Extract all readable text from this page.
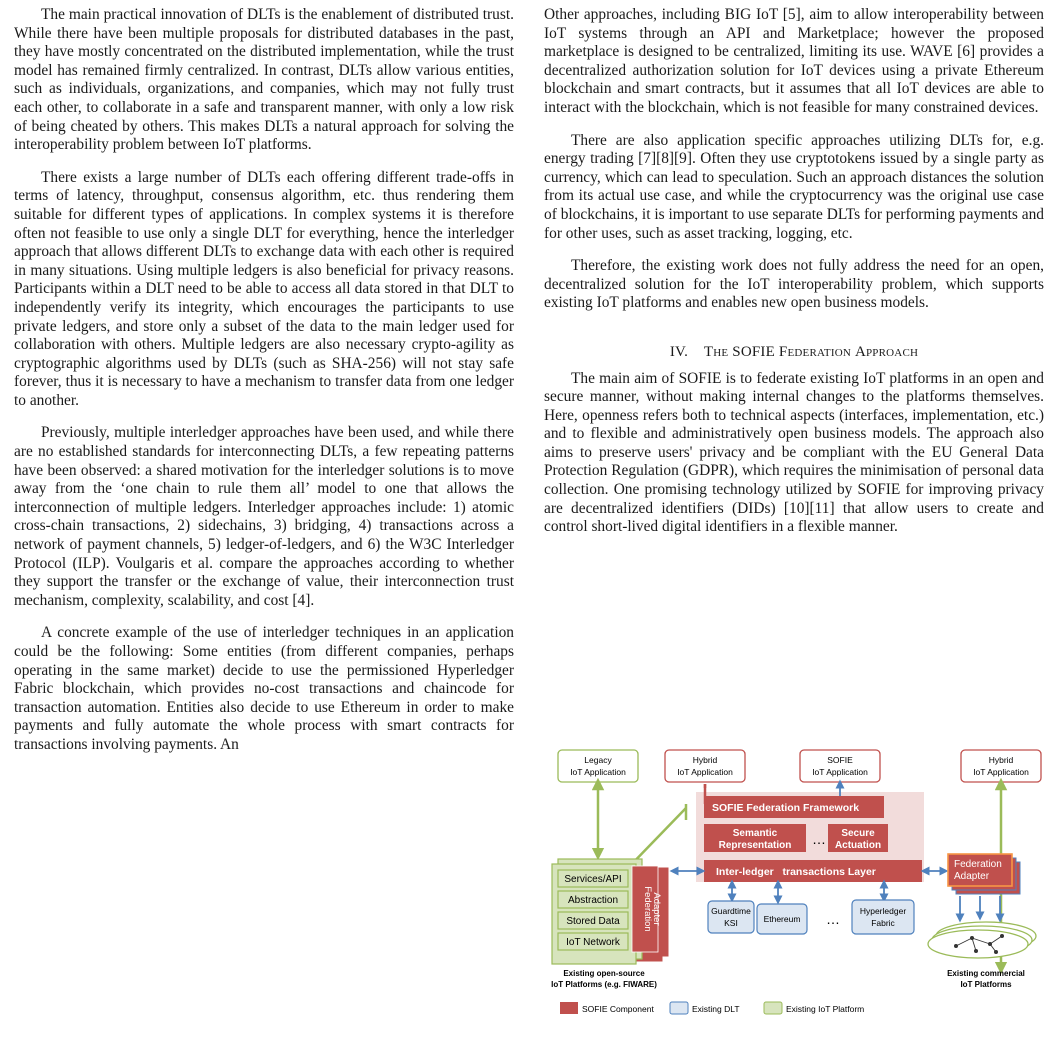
The main practical innovation of DLTs is the enablement of distributed trust. While there have been multiple proposals for distributed databases in the past, they have mostly concentrated on the distributed implementation, while the trust model has remained firmly centralized. In contrast, DLTs allow various entities, such as individuals, organizations, and companies, which may not fully trust each other, to collaborate in a safe and transparent manner, with only a low risk of being cheated by others. This makes DLTs a natural approach for solving the interoperability problem between IoT platforms.

There exists a large number of DLTs each offering different trade-offs in terms of latency, throughput, consensus algorithm, etc. thus rendering them suitable for different types of applications. In complex systems it is therefore often not feasible to use only a single DLT for everything, hence the interledger approach that allows different DLTs to exchange data with each other is required in many situations. Using multiple ledgers is also beneficial for privacy reasons. Participants within a DLT need to be able to access all data stored in that DLT to independently verify its integrity, which encourages the participants to use private ledgers, and store only a subset of the data to the main ledger used for collaboration with others. Multiple ledgers are also necessary crypto-agility as cryptographic algorithms used by DLTs (such as SHA-256) will not stay safe forever, thus it is necessary to have a mechanism to transfer data from one ledger to another.

Previously, multiple interledger approaches have been used, and while there are no established standards for interconnecting DLTs, a few repeating patterns have been observed: a shared motivation for the interledger solutions is to move away from the ‘one chain to rule them all’ model to one that allows the interconnection of multiple ledgers. Interledger approaches include: 1) atomic cross-chain transactions, 2) sidechains, 3) bridging, 4) transactions across a network of payment channels, 5) ledger-of-ledgers, and 6) the W3C Interledger Protocol (ILP). Voulgaris et al. compare the approaches according to whether they support the transfer or the exchange of value, their interconnection trust mechanism, complexity, scalability, and cost [4].

A concrete example of the use of interledger techniques in an application could be the following: Some entities (from different companies, perhaps operating in the same market) decide to use the permissioned Hyperledger Fabric blockchain, which provides no-cost transactions and chaincode for transaction automation. Entities also decide to use Ethereum in order to make payments and fully automate the whole process with smart contracts for transactions involving payments. An

Other approaches, including BIG IoT [5], aim to allow interoperability between IoT systems through an API and Marketplace; however the proposed marketplace is designed to be centralized, limiting its use. WAVE [6] provides a decentralized authorization solution for IoT devices using a private Ethereum blockchain and smart contracts, but it assumes that all IoT devices are able to interact with the blockchain, which is not feasible for many constrained devices.

There are also application specific approaches utilizing DLTs for, e.g. energy trading [7][8][9]. Often they use cryptotokens issued by a single party as currency, which can lead to speculation. Such an approach distances the solution from its actual use case, and while the cryptocurrency was the original use case of blockchains, it is important to use separate DLTs for performing payments and for other uses, such as asset tracking, logging, etc.

Therefore, the existing work does not fully address the need for an open, decentralized solution for the IoT interoperability problem, which supports existing IoT platforms and enables new open business models.

IV. The SOFIE Federation Approach

The main aim of SOFIE is to federate existing IoT platforms in an open and secure manner, without making internal changes to the platforms themselves. Here, openness refers both to technical aspects (interfaces, implementation, etc.) and to flexible and administratively open business models. The approach also aims to preserve users' privacy and be compliant with the EU General Data Protection Regulation (GDPR), which requires the minimisation of personal data collection. One promising technology utilized by SOFIE for improving privacy are decentralized identifiers (DIDs) [10][11] that allow users to create and control short-lived digital identifiers in a flexible manner.

Legacy
IoT Application
Hybrid
IoT Application
SOFIE
IoT Application
Hybrid
IoT Application
SOFIE Federation Framework
Semantic
Representation … Secure
Actuation
Inter-ledger   transactions Layer
Services/API
Abstraction
Stored Data
IoT Network
Federation
Adapter
Existing open-source
IoT Platforms (e.g. FIWARE)
Guardtime
KSI	Ethereum … Hyperledger
Fabric
Federation
Adapter
Existing commercial
IoT Platforms
SOFIE Component	Existing DLT	Existing IoT Platform
